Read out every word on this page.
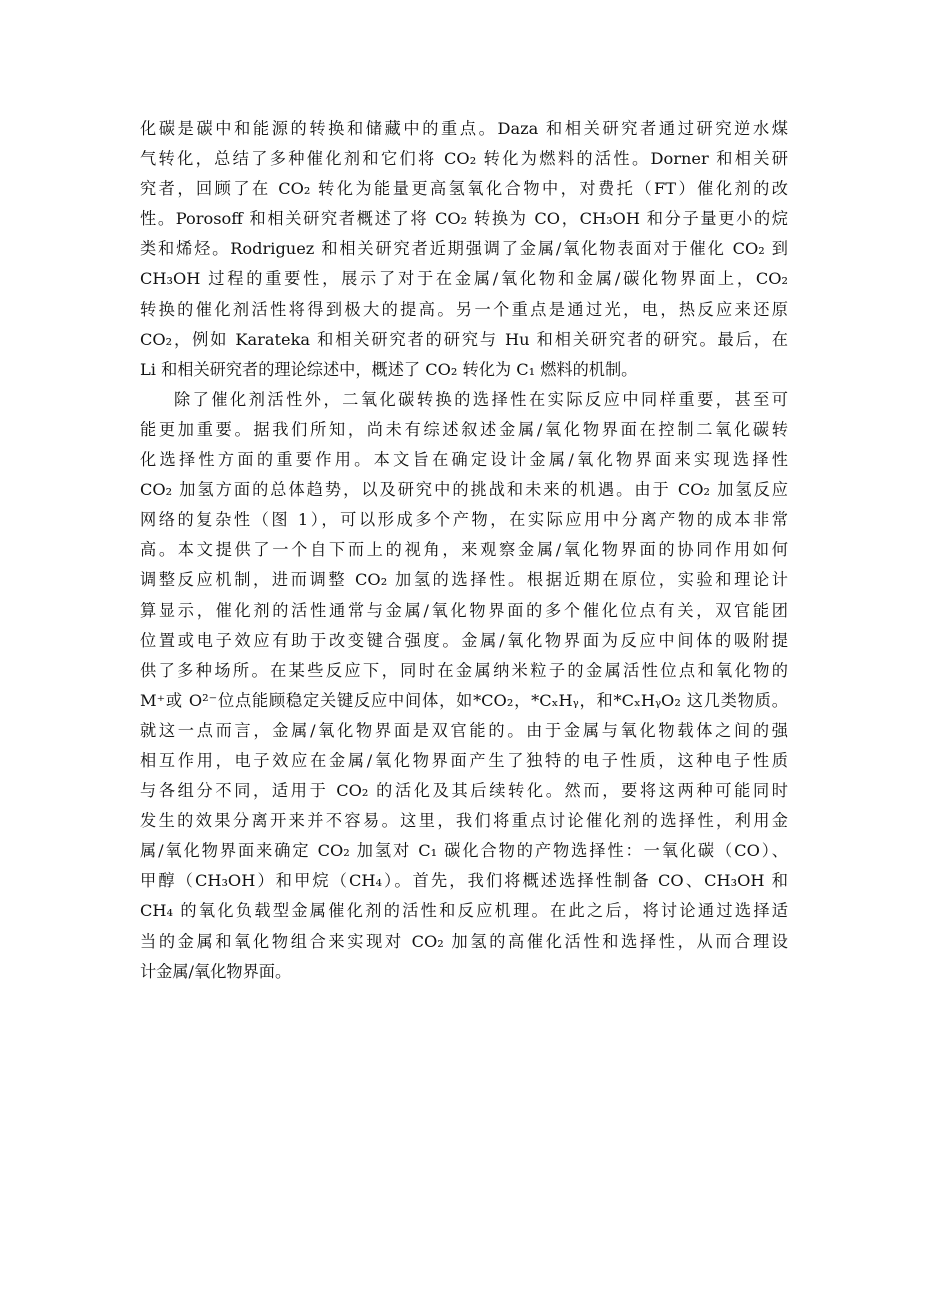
化碳是碳中和能源的转换和储藏中的重点。Daza 和相关研究者通过研究逆水煤
气转化，总结了多种催化剂和它们将 CO₂ 转化为燃料的活性。Dorner 和相关研
究者，回顾了在 CO₂ 转化为能量更高氢氧化合物中，对费托（FT）催化剂的改
性。Porosoff 和相关研究者概述了将 CO₂ 转换为 CO，CH₃OH 和分子量更小的烷
类和烯烃。Rodriguez 和相关研究者近期强调了金属/氧化物表面对于催化 CO₂ 到
CH₃OH 过程的重要性，展示了对于在金属/氧化物和金属/碳化物界面上，CO₂
转换的催化剂活性将得到极大的提高。另一个重点是通过光，电，热反应来还原
CO₂，例如 Karateka 和相关研究者的研究与 Hu 和相关研究者的研究。最后，在
Li 和相关研究者的理论综述中，概述了 CO₂ 转化为 C₁ 燃料的机制。
除了催化剂活性外，二氧化碳转换的选择性在实际反应中同样重要，甚至可
能更加重要。据我们所知，尚未有综述叙述金属/氧化物界面在控制二氧化碳转
化选择性方面的重要作用。本文旨在确定设计金属/氧化物界面来实现选择性
CO₂ 加氢方面的总体趋势，以及研究中的挑战和未来的机遇。由于 CO₂ 加氢反应
网络的复杂性（图 1），可以形成多个产物，在实际应用中分离产物的成本非常
高。本文提供了一个自下而上的视角，来观察金属/氧化物界面的协同作用如何
调整反应机制，进而调整 CO₂ 加氢的选择性。根据近期在原位，实验和理论计
算显示，催化剂的活性通常与金属/氧化物界面的多个催化位点有关，双官能团
位置或电子效应有助于改变键合强度。金属/氧化物界面为反应中间体的吸附提
供了多种场所。在某些反应下，同时在金属纳米粒子的金属活性位点和氧化物的
M⁺或 O²⁻位点能顾稳定关键反应中间体，如*CO₂，*CₓHᵧ，和*CₓHᵧO₂ 这几类物质。
就这一点而言，金属/氧化物界面是双官能的。由于金属与氧化物载体之间的强
相互作用，电子效应在金属/氧化物界面产生了独特的电子性质，这种电子性质
与各组分不同，适用于 CO₂ 的活化及其后续转化。然而，要将这两种可能同时
发生的效果分离开来并不容易。这里，我们将重点讨论催化剂的选择性，利用金
属/氧化物界面来确定 CO₂ 加氢对 C₁ 碳化合物的产物选择性：一氧化碳（CO）、
甲醇（CH₃OH）和甲烷（CH₄）。首先，我们将概述选择性制备 CO、CH₃OH 和
CH₄ 的氧化负载型金属催化剂的活性和反应机理。在此之后，将讨论通过选择适
当的金属和氧化物组合来实现对 CO₂ 加氢的高催化活性和选择性，从而合理设
计金属/氧化物界面。
